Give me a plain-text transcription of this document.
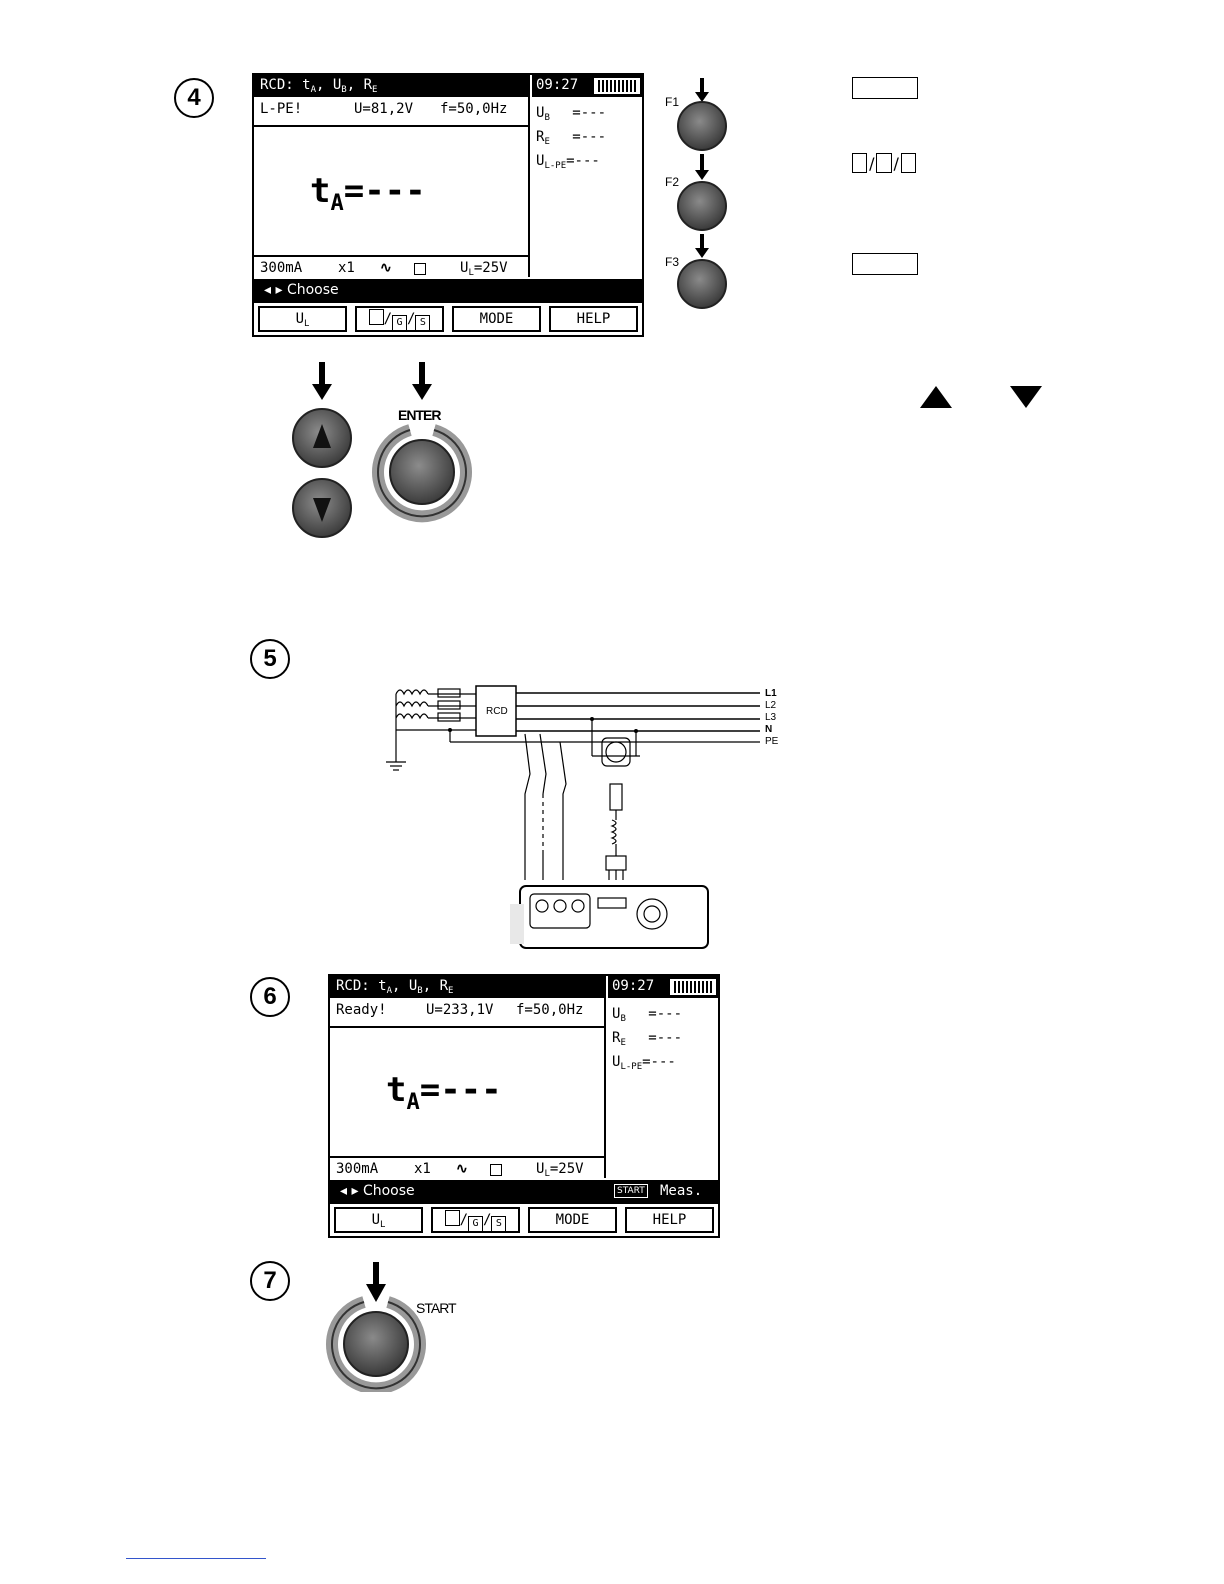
4	RCD: $t_A$, $U_B$, $R_E$	09:27
L-PE!	U=81,2V f=50,0Hz $U_B$ =---
$R_E$ =---
$U_{L-PE}=---$
$t_A=---$
300mA	x1 ∿	$U_L=25V$
◂ ▸ Choose
$U_L$	/ G / S	MODE	HELP
F1
F2
F3
/ /
ENTER
5
RCD
L1
L2
L3
N
PE
6	RCD: $t_A$, $U_B$, $R_E$	09:27
Ready!	U=233,1V f=50,0Hz $U_B$ =---
$R_E$ =---
$U_{L-PE}=---$
$t_A=---$
300mA	x1 ∿	$U_L=25V$
◂ ▸ Choose	START Meas.
$U_L$	/ G / S	MODE	HELP
7
START
